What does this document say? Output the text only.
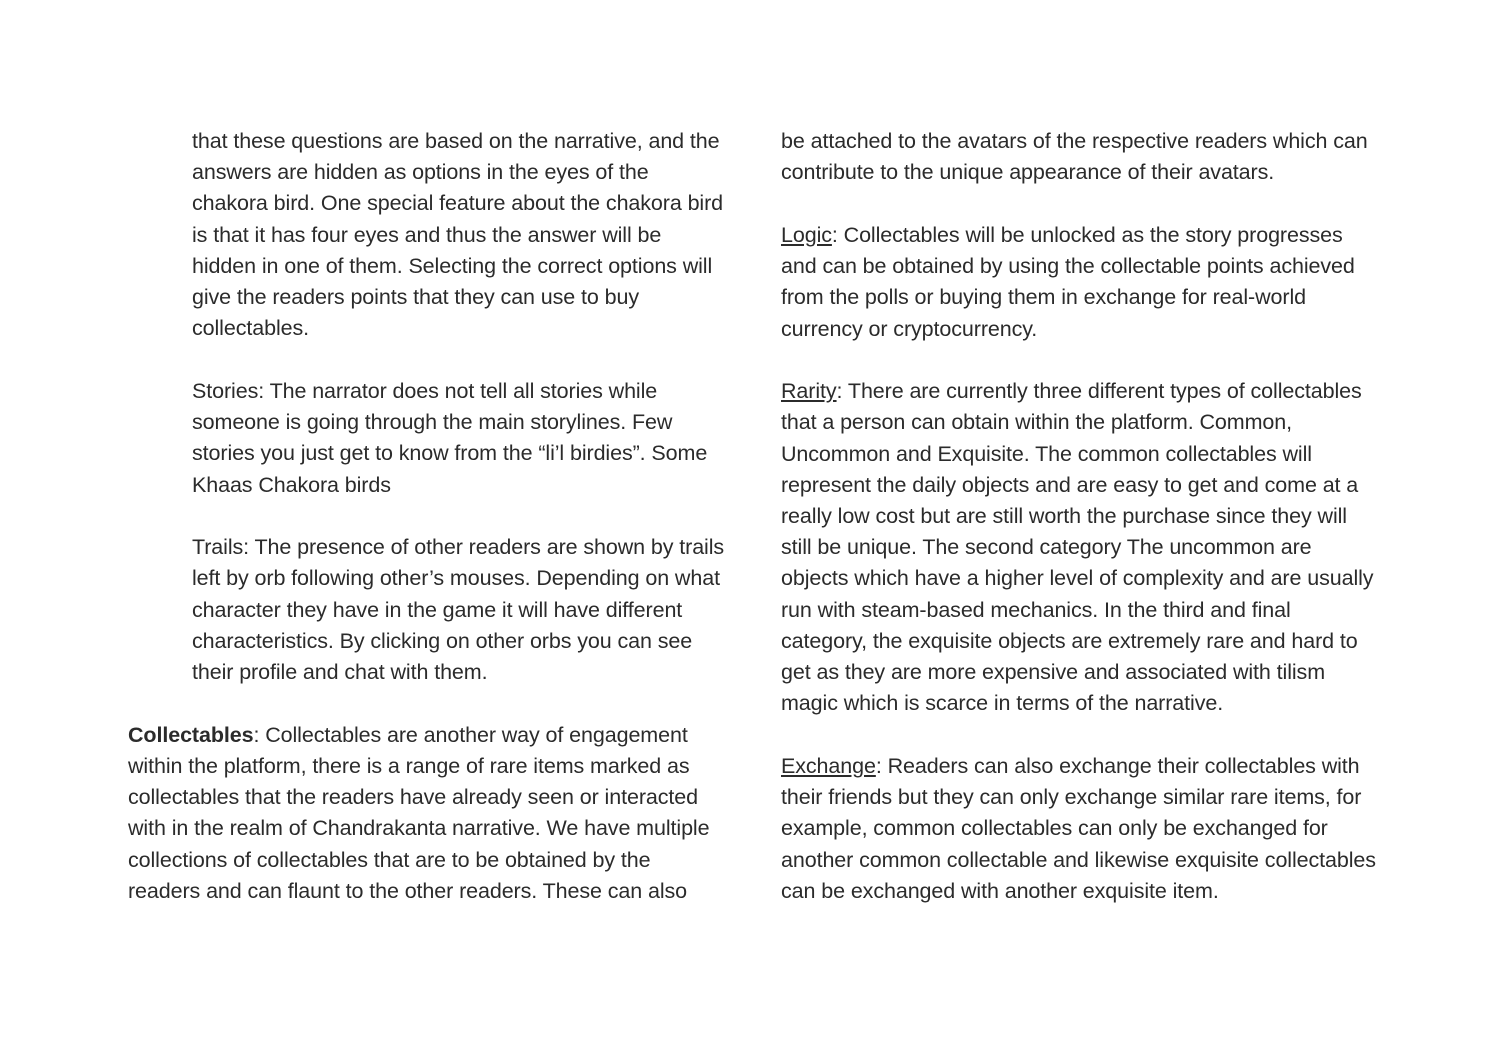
that these questions are based on the narrative, and the answers are hidden as options in the eyes of the chakora bird. One special feature about the chakora bird is that it has four eyes and thus the answer will be hidden in one of them. Selecting the correct options will give the readers points that they can use to buy collectables.

Stories: The narrator does not tell all stories while someone is going through the main storylines. Few stories you just get to know from the “li’l birdies”. Some Khaas Chakora birds

Trails: The presence of other readers are shown by trails left by orb following other’s mouses. Depending on what character they have in the game it will have different characteristics. By clicking on other orbs you can see their profile and chat with them.

Collectables: Collectables are another way of engagement within the platform, there is a range of rare items marked as collectables that the readers have already seen or interacted with in the realm of Chandrakanta narrative. We have multiple collections of collectables that are to be obtained by the readers and can flaunt to the other readers. These can also

be attached to the avatars of the respective readers which can contribute to the unique appearance of their avatars.

Logic: Collectables will be unlocked as the story progresses and can be obtained by using the collectable points achieved from the polls or buying them in exchange for real-world currency or cryptocurrency.

Rarity: There are currently three different types of collectables that a person can obtain within the platform. Common, Uncommon and Exquisite. The common collectables will represent the daily objects and are easy to get and come at a really low cost but are still worth the purchase since they will still be unique. The second category The uncommon are objects which have a higher level of complexity and are usually run with steam-based mechanics. In the third and final category, the exquisite objects are extremely rare and hard to get as they are more expensive and associated with tilism magic which is scarce in terms of the narrative.

Exchange: Readers can also exchange their collectables with their friends but they can only exchange similar rare items, for example, common collectables can only be exchanged for another common collectable and likewise exquisite collectables can be exchanged with another exquisite item.
